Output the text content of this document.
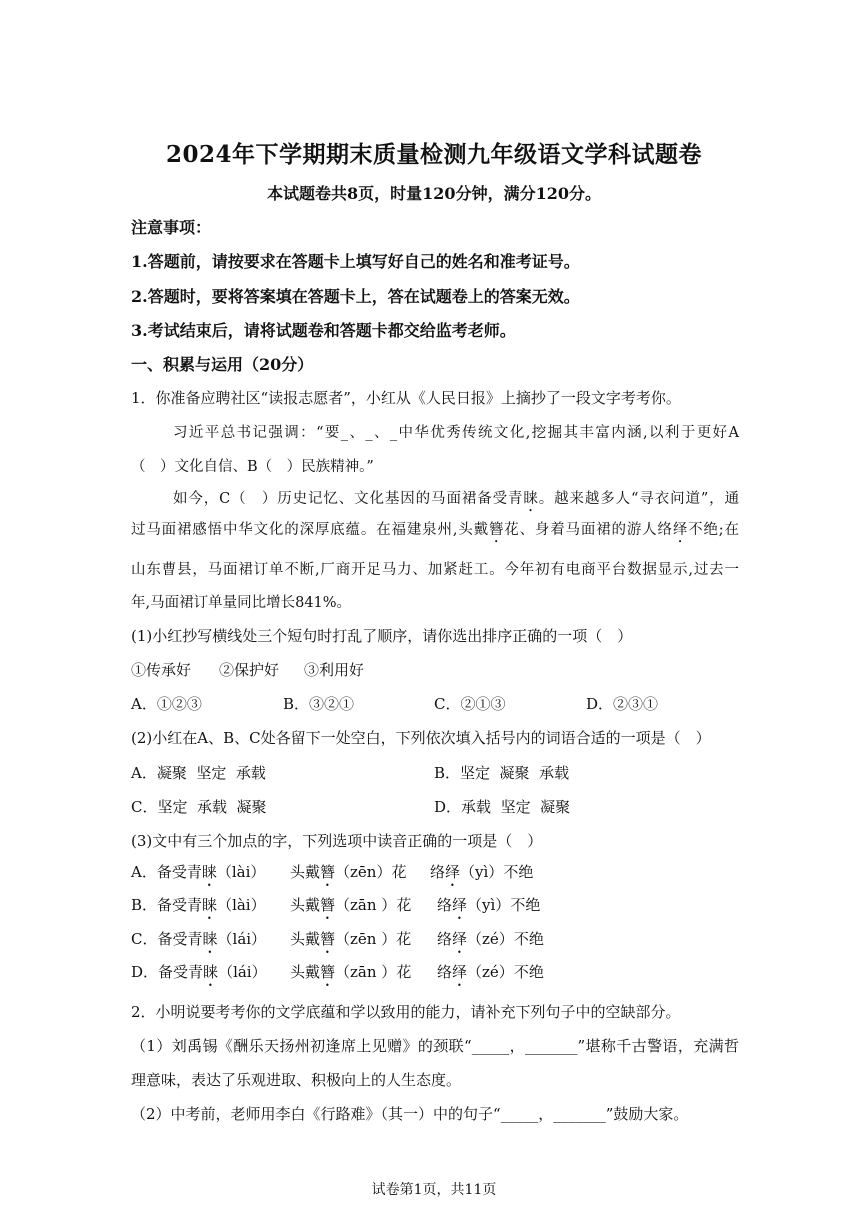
2024年下学期期末质量检测九年级语文学科试题卷
本试题卷共8页，时量120分钟，满分120分。
注意事项：
1.答题前，请按要求在答题卡上填写好自己的姓名和准考证号。
2.答题时，要将答案填在答题卡上，答在试题卷上的答案无效。
3.考试结束后，请将试题卷和答题卡都交给监考老师。
一、积累与运用（20分）
1．你准备应聘社区“读报志愿者”，小红从《人民日报》上摘抄了一段文字考考你。
习近平总书记强调：“要_、_、_中华优秀传统文化,挖掘其丰富内涵,以利于更好A
（　）文化自信、B（　）民族精神。”
如今，C（　）历史记忆、文化基因的马面裙备受青睐。越来越多人“寻衣问道”，通
过马面裙感悟中华文化的深厚底蕴。在福建泉州,头戴簪花、身着马面裙的游人络绎不绝;在
山东曹县，马面裙订单不断,厂商开足马力、加紧赶工。今年初有电商平台数据显示,过去一
年,马面裙订单量同比增长841%。
(1)小红抄写横线处三个短句时打乱了顺序，请你选出排序正确的一项（　）
①传承好 ②保护好 ③利用好
A．①②③	B．③②①	C．②①③	D．②③①
(2)小红在A、B、C处各留下一处空白，下列依次填入括号内的词语合适的一项是（　）
A．凝聚  坚定  承载	B．坚定  凝聚  承载
C．坚定  承载  凝聚	D．承载  坚定  凝聚
(3)文中有三个加点的字，下列选项中读音正确的一项是（　）
A．备受青睐（lài） 头戴簪（zēn）花 络绎（yì）不绝
B．备受青睐（lài） 头戴簪（zān ）花 络绎（yì）不绝
C．备受青睐（lái） 头戴簪（zēn ）花 络绎（zé）不绝
D．备受青睐（lái） 头戴簪（zān ）花 络绎（zé）不绝
2．小明说要考考你的文学底蕴和学以致用的能力，请补充下列句子中的空缺部分。
（1）刘禹锡《酬乐天扬州初逢席上见赠》的颈联“_____，_______”堪称千古警语，充满哲
理意味，表达了乐观进取、积极向上的人生态度。
（2）中考前，老师用李白《行路难》（其一）中的句子“_____，_______”鼓励大家。
试卷第1页，共11页
